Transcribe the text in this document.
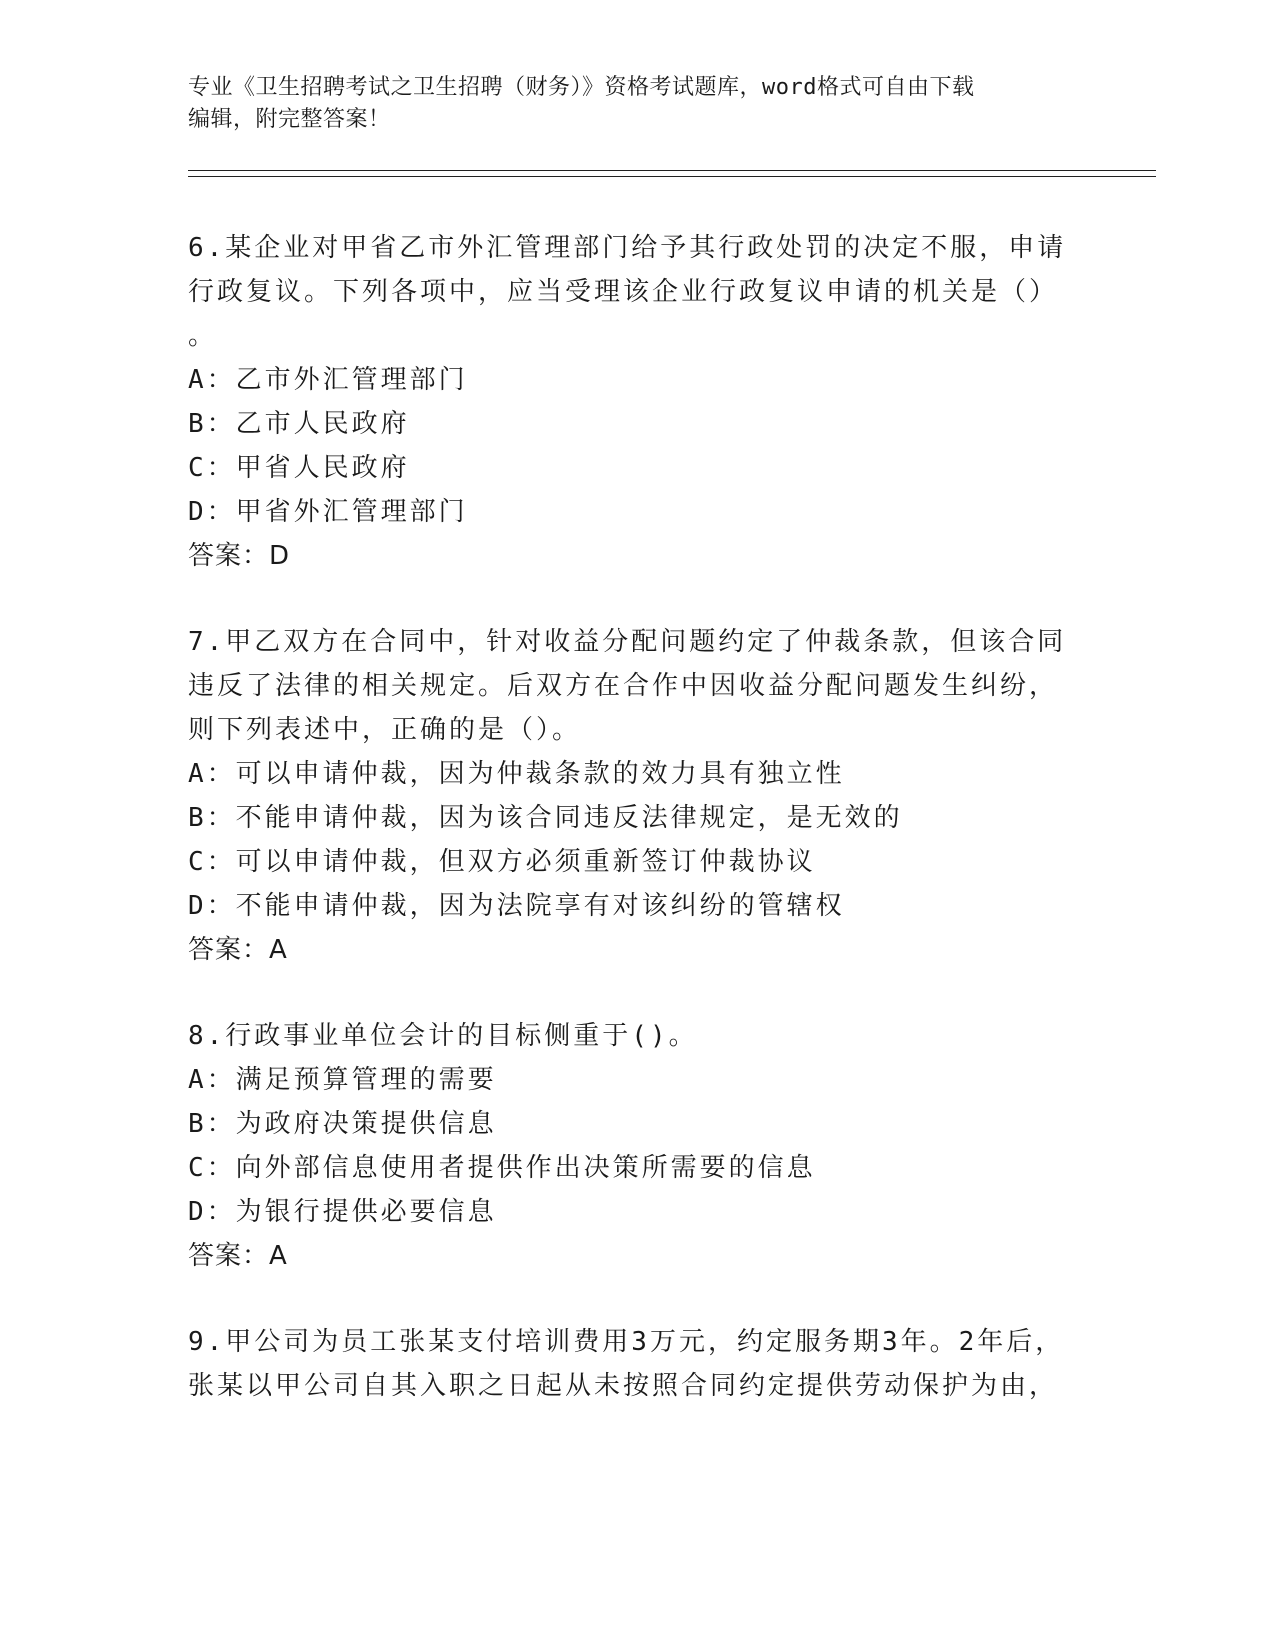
专业《卫生招聘考试之卫生招聘（财务）》资格考试题库，word格式可自由下载
编辑，附完整答案！
6.某企业对甲省乙市外汇管理部门给予其行政处罚的决定不服，申请
行政复议。下列各项中，应当受理该企业行政复议申请的机关是（）
。
A：乙市外汇管理部门
B：乙市人民政府
C：甲省人民政府
D：甲省外汇管理部门
答案：D
7.甲乙双方在合同中，针对收益分配问题约定了仲裁条款，但该合同
违反了法律的相关规定。后双方在合作中因收益分配问题发生纠纷，
则下列表述中，正确的是（）。
A：可以申请仲裁，因为仲裁条款的效力具有独立性
B：不能申请仲裁，因为该合同违反法律规定，是无效的
C：可以申请仲裁，但双方必须重新签订仲裁协议
D：不能申请仲裁，因为法院享有对该纠纷的管辖权
答案：A
8.行政事业单位会计的目标侧重于()。
A：满足预算管理的需要
B：为政府决策提供信息
C：向外部信息使用者提供作出决策所需要的信息
D：为银行提供必要信息
答案：A
9.甲公司为员工张某支付培训费用3万元，约定服务期3年。2年后，
张某以甲公司自其入职之日起从未按照合同约定提供劳动保护为由，
